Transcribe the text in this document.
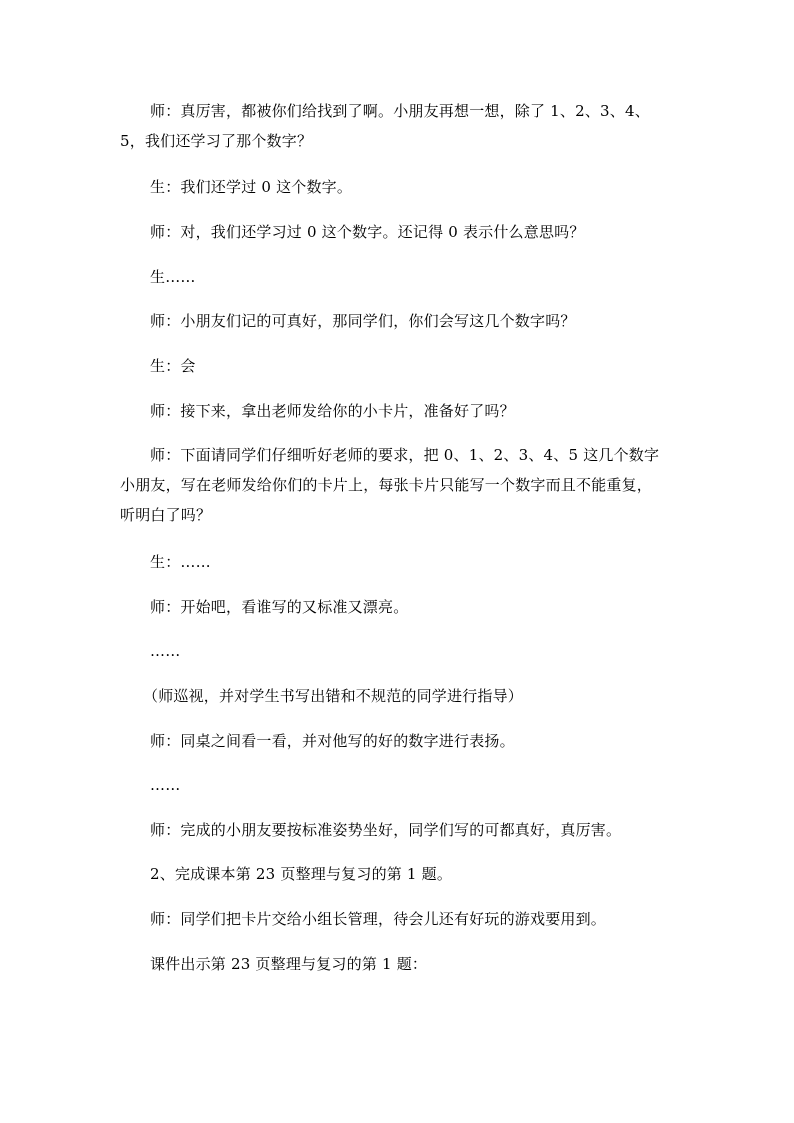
师：真厉害，都被你们给找到了啊。小朋友再想一想，除了 1、2、3、4、
5，我们还学习了那个数字？
生：我们还学过 0 这个数字。
师：对，我们还学习过 0 这个数字。还记得 0 表示什么意思吗？
生……
师：小朋友们记的可真好，那同学们，你们会写这几个数字吗？
生：会
师：接下来，拿出老师发给你的小卡片，准备好了吗？
师：下面请同学们仔细听好老师的要求，把 0、1、2、3、4、5 这几个数字
小朋友，写在老师发给你们的卡片上，每张卡片只能写一个数字而且不能重复，
听明白了吗？
生：……
师：开始吧，看谁写的又标准又漂亮。
……
（师巡视，并对学生书写出错和不规范的同学进行指导）
师：同桌之间看一看，并对他写的好的数字进行表扬。
……
师：完成的小朋友要按标准姿势坐好，同学们写的可都真好，真厉害。
2、完成课本第 23 页整理与复习的第 1 题。
师：同学们把卡片交给小组长管理，待会儿还有好玩的游戏要用到。
课件出示第 23 页整理与复习的第 1 题：
